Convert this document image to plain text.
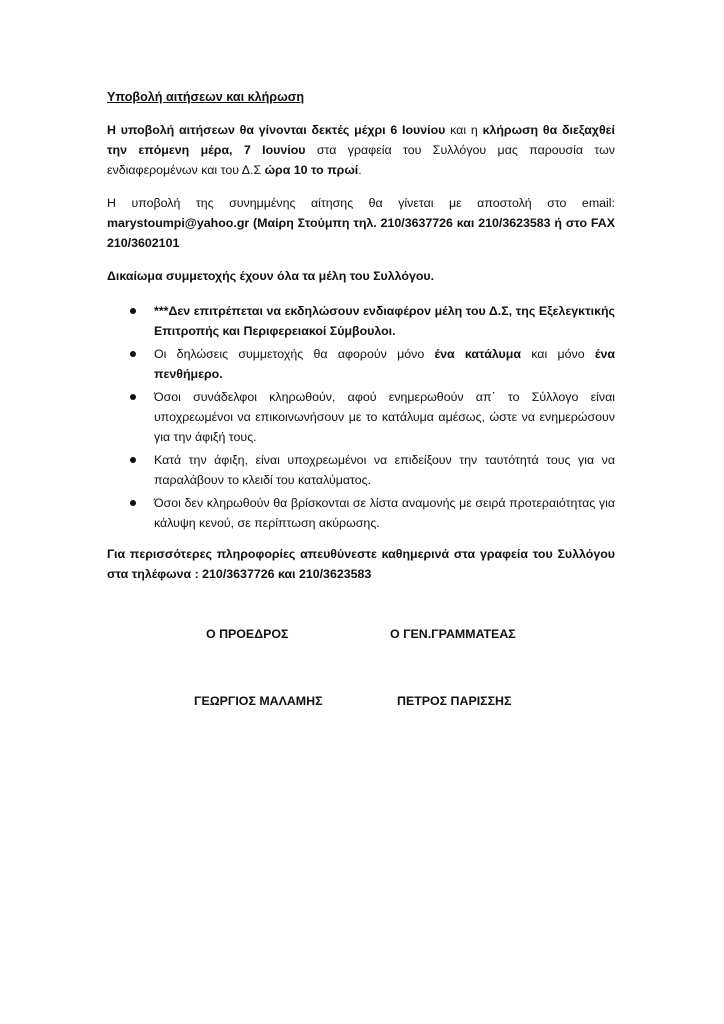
Υποβολή αιτήσεων και κλήρωση

Η υποβολή αιτήσεων θα γίνονται δεκτές μέχρι 6 Ιουνίου και η κλήρωση θα διεξαχθεί την επόμενη μέρα, 7 Ιουνίου στα γραφεία του Συλλόγου μας παρουσία των ενδιαφερομένων και του Δ.Σ ώρα 10 το πρωί.

Η υποβολή της συνημμένης αίτησης θα γίνεται με αποστολή στο email: marystoumpi@yahoo.gr (Μαίρη Στούμπη τηλ. 210/3637726 και 210/3623583 ή στο FAX 210/3602101

Δικαίωμα συμμετοχής έχουν όλα τα μέλη του Συλλόγου.

***Δεν επιτρέπεται να εκδηλώσουν ενδιαφέρον μέλη του Δ.Σ, της Εξελεγκτικής Επιτροπής και Περιφερειακοί Σύμβουλοι.
Οι δηλώσεις συμμετοχής θα αφορούν μόνο ένα κατάλυμα και μόνο ένα πενθήμερο.
Όσοι συνάδελφοι κληρωθούν, αφού ενημερωθούν απ΄ το Σύλλογο είναι υποχρεωμένοι να επικοινωνήσουν με το κατάλυμα αμέσως, ώστε να ενημερώσουν για την άφιξή τους.
Κατά την άφιξη, είναι υποχρεωμένοι να επιδείξουν την ταυτότητά τους για να παραλάβουν το κλειδί του καταλύματος.
Όσοι δεν κληρωθούν θα βρίσκονται σε λίστα αναμονής με σειρά προτεραιότητας για κάλυψη κενού, σε περίπτωση ακύρωσης.

Για περισσότερες πληροφορίες απευθύνεστε καθημερινά στα γραφεία του Συλλόγου στα τηλέφωνα : 210/3637726 και 210/3623583

Ο ΠΡΟΕΔΡΟΣ	Ο ΓΕΝ.ΓΡΑΜΜΑΤΕΑΣ

ΓΕΩΡΓΙΟΣ ΜΑΛΑΜΗΣ	ΠΕΤΡΟΣ ΠΑΡΙΣΣΗΣ
